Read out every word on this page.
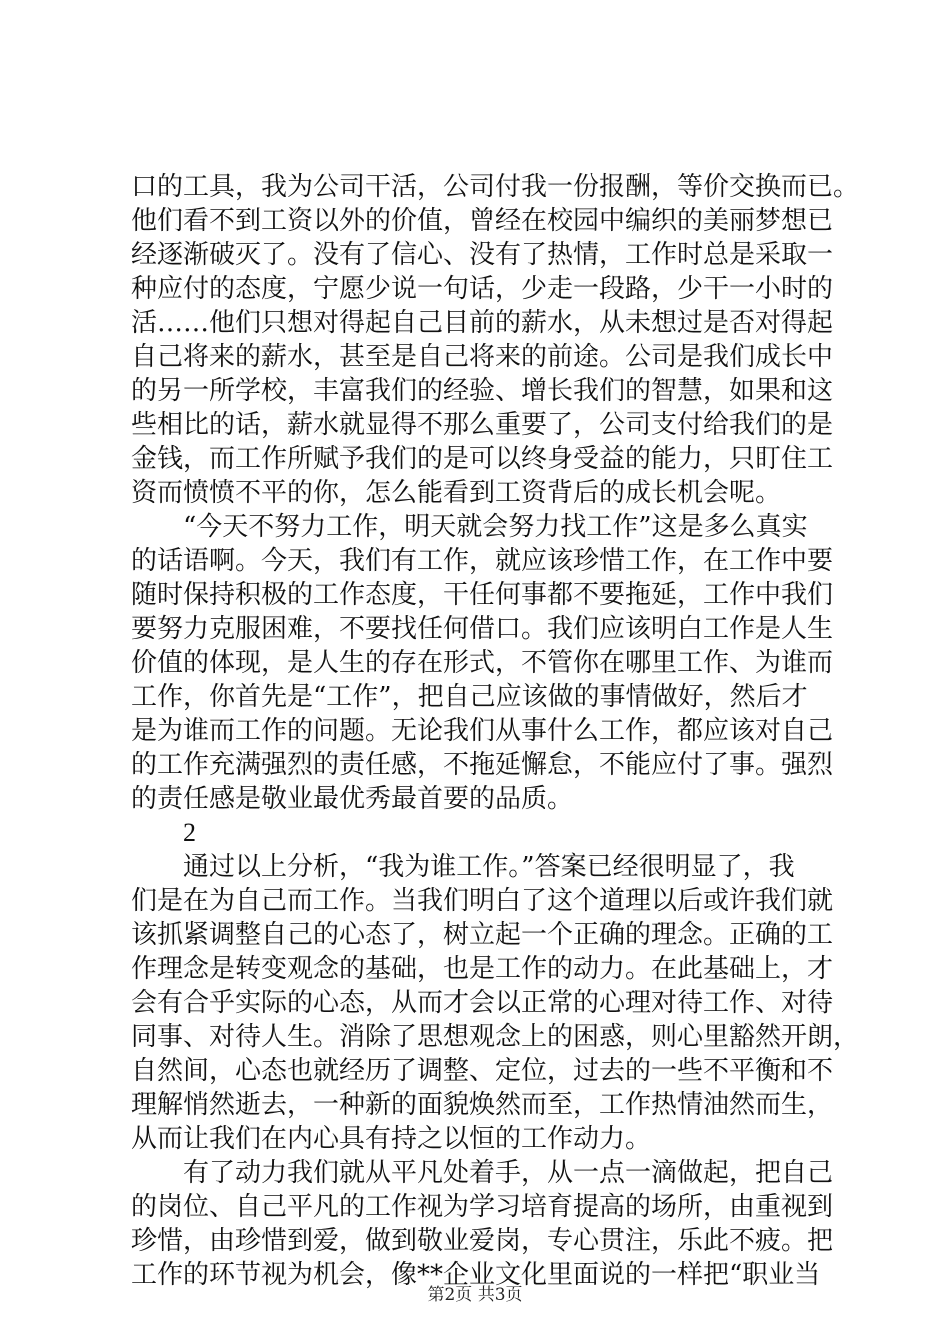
口的工具，我为公司干活，公司付我一份报酬，等价交换而已。
他们看不到工资以外的价值，曾经在校园中编织的美丽梦想已
经逐渐破灭了。没有了信心、没有了热情，工作时总是采取一
种应付的态度，宁愿少说一句话，少走一段路，少干一小时的
活……他们只想对得起自己目前的薪水，从未想过是否对得起
自己将来的薪水，甚至是自己将来的前途。公司是我们成长中
的另一所学校，丰富我们的经验、增长我们的智慧，如果和这
些相比的话，薪水就显得不那么重要了，公司支付给我们的是
金钱，而工作所赋予我们的是可以终身受益的能力，只盯住工
资而愤愤不平的你，怎么能看到工资背后的成长机会呢。
“今天不努力工作，明天就会努力找工作”这是多么真实
的话语啊。今天，我们有工作，就应该珍惜工作，在工作中要
随时保持积极的工作态度，干任何事都不要拖延，工作中我们
要努力克服困难，不要找任何借口。我们应该明白工作是人生
价值的体现，是人生的存在形式，不管你在哪里工作、为谁而
工作，你首先是“工作”，把自己应该做的事情做好，然后才
是为谁而工作的问题。无论我们从事什么工作，都应该对自己
的工作充满强烈的责任感，不拖延懈怠，不能应付了事。强烈
的责任感是敬业最优秀最首要的品质。
2
通过以上分析，“我为谁工作。”答案已经很明显了，我
们是在为自己而工作。当我们明白了这个道理以后或许我们就
该抓紧调整自己的心态了，树立起一个正确的理念。正确的工
作理念是转变观念的基础，也是工作的动力。在此基础上，才
会有合乎实际的心态，从而才会以正常的心理对待工作、对待
同事、对待人生。消除了思想观念上的困惑，则心里豁然开朗，
自然间，心态也就经历了调整、定位，过去的一些不平衡和不
理解悄然逝去，一种新的面貌焕然而至，工作热情油然而生，
从而让我们在内心具有持之以恒的工作动力。
有了动力我们就从平凡处着手，从一点一滴做起，把自己
的岗位、自己平凡的工作视为学习培育提高的场所，由重视到
珍惜，由珍惜到爱，做到敬业爱岗，专心贯注，乐此不疲。把
工作的环节视为机会，像**企业文化里面说的一样把“职业当
第2页 共3页
